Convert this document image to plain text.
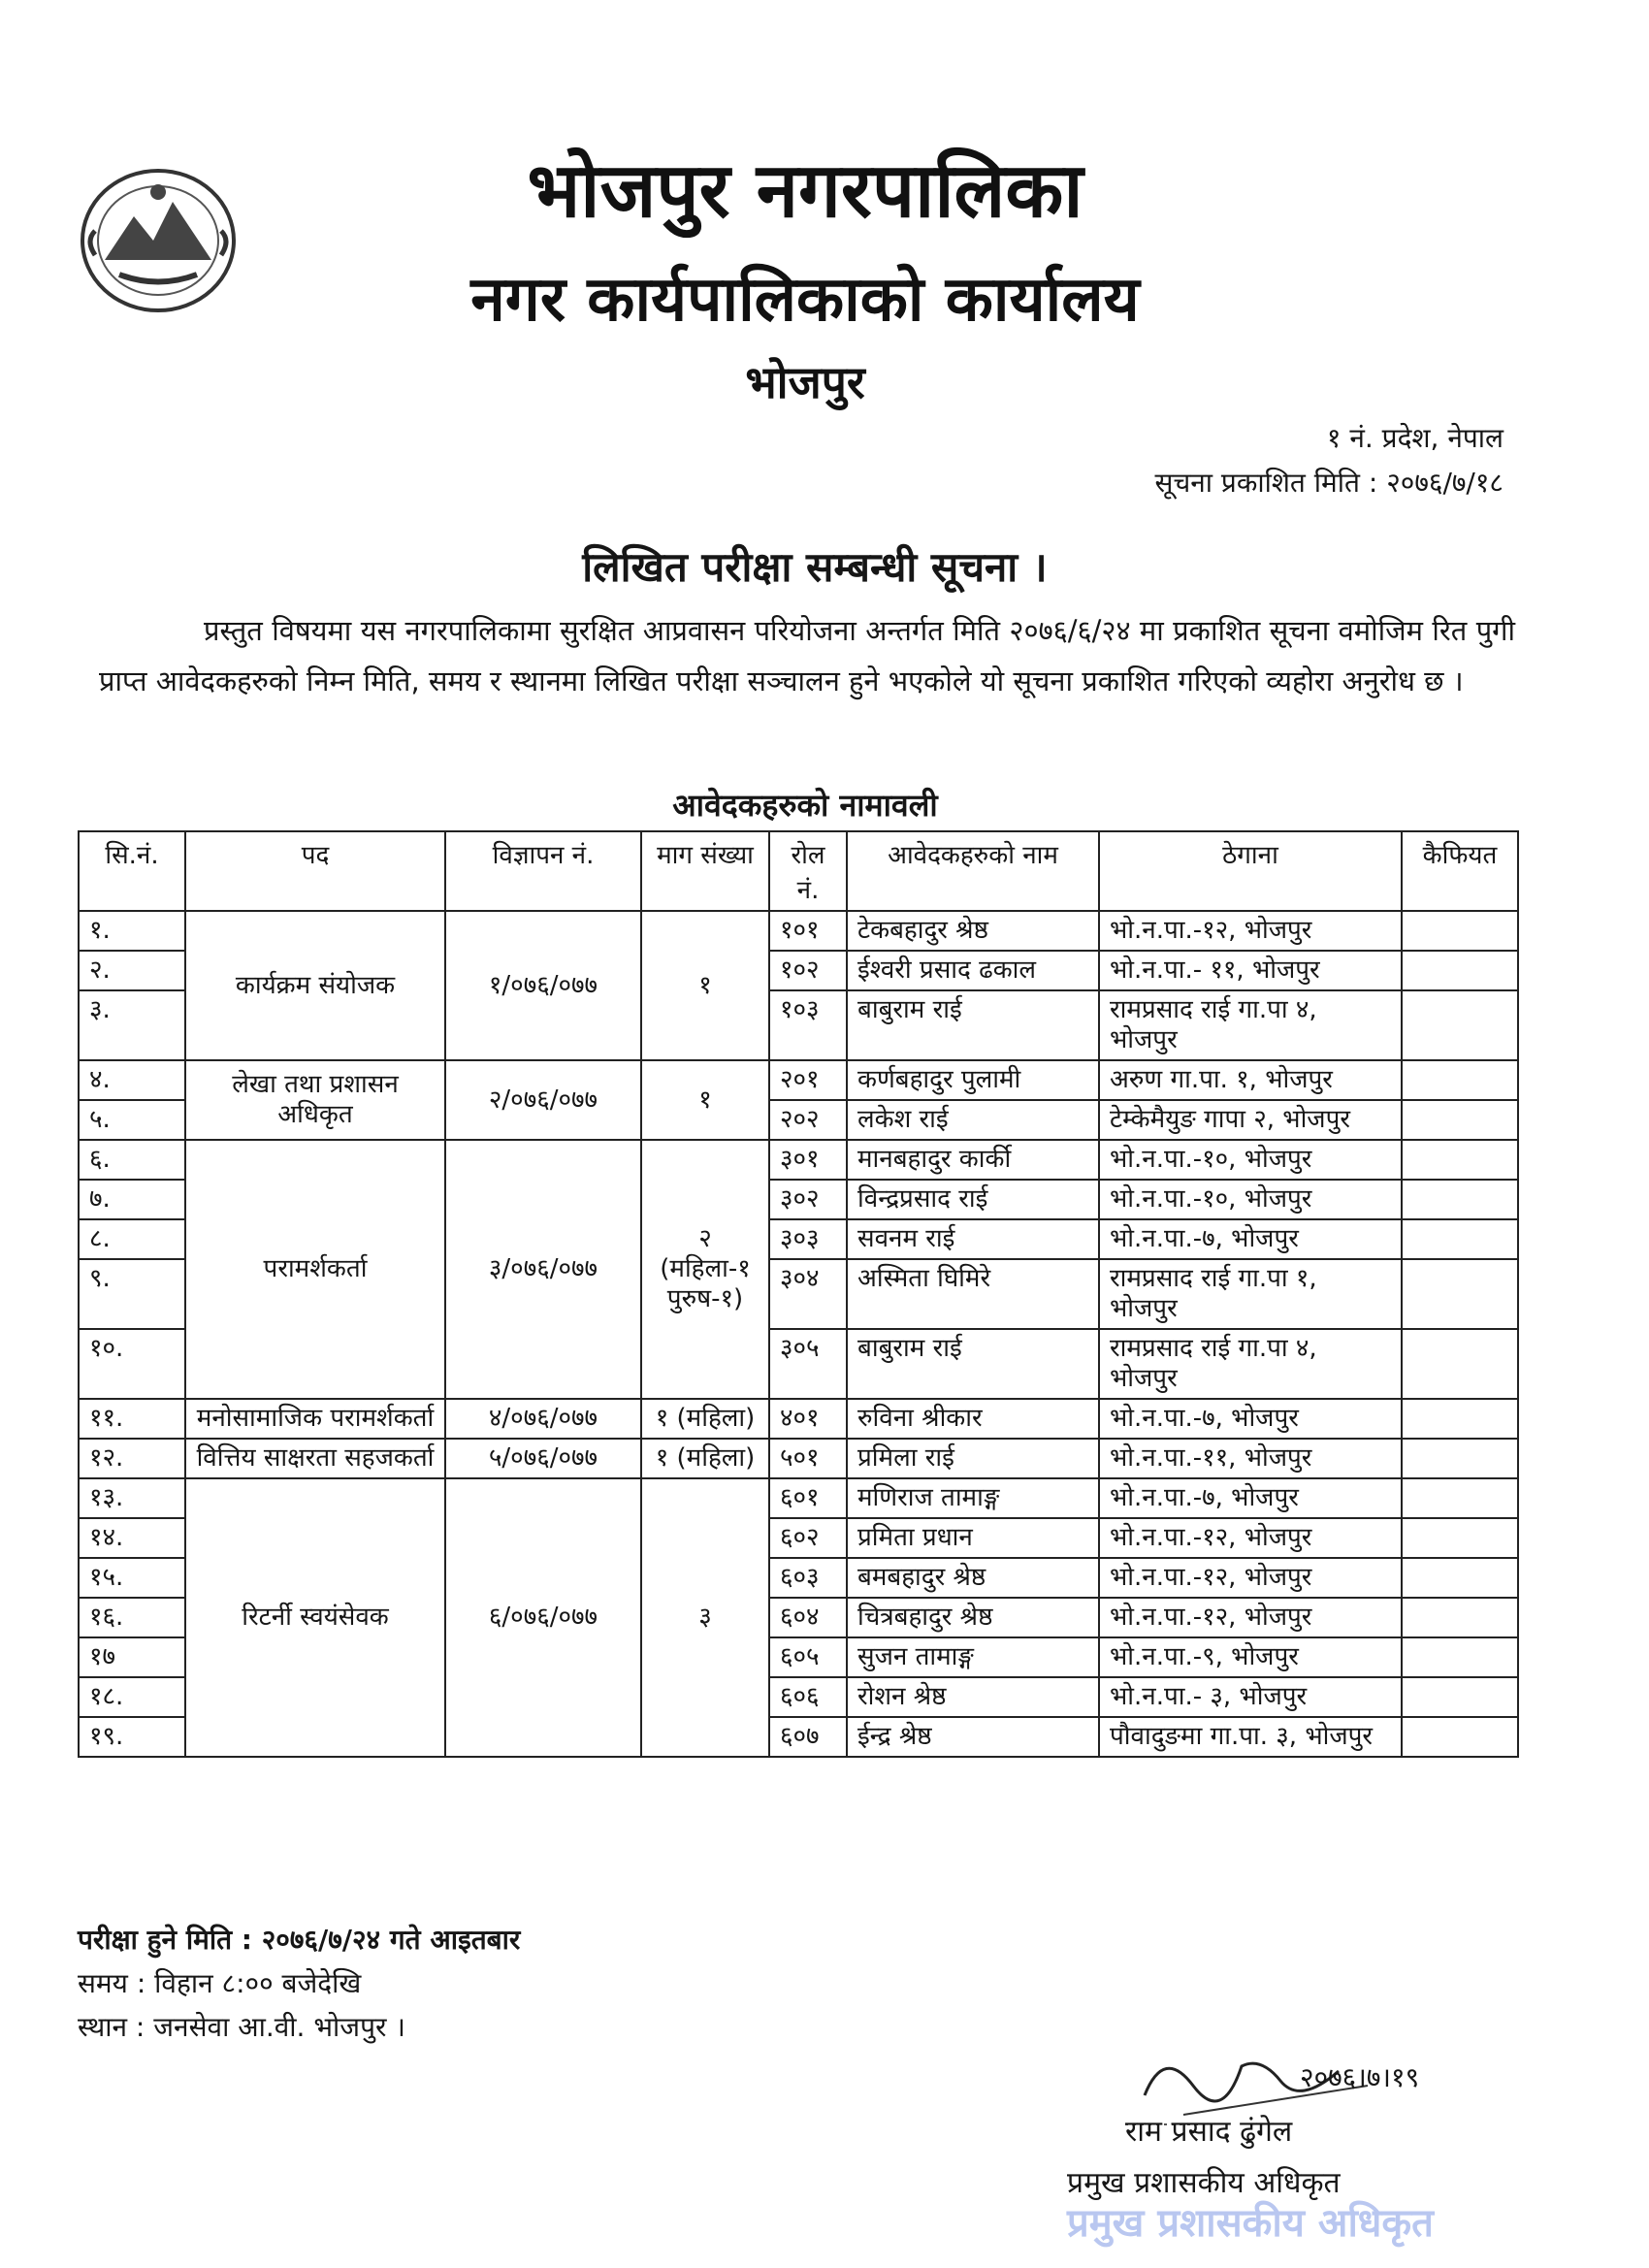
भोजपुर नगरपालिका
नगर कार्यपालिकाको कार्यालय
भोजपुर
१ नं. प्रदेश, नेपाल
सूचना प्रकाशित मिति : २०७६/७/१८
लिखित परीक्षा सम्बन्धी सूचना ।
प्रस्तुत विषयमा यस नगरपालिकामा सुरक्षित आप्रवासन परियोजना अन्तर्गत मिति २०७६/६/२४ मा प्रकाशित सूचना वमोजिम रित पुगी प्राप्त आवेदकहरुको निम्न मिति, समय र स्थानमा लिखित परीक्षा सञ्चालन हुने भएकोले यो सूचना प्रकाशित गरिएको व्यहोरा अनुरोध छ ।
आवेदकहरुको नामावली
सि.नं.	पद	विज्ञापन नं.	माग संख्या	रोल नं.	आवेदकहरुको नाम	ठेगाना	कैफियत
१.	कार्यक्रम संयोजक	१/०७६/०७७	१	१०१	टेकबहादुर श्रेष्ठ	भो.न.पा.-१२, भोजपुर	
२.				१०२	ईश्वरी प्रसाद ढकाल	भो.न.पा.- ११, भोजपुर	
३.				१०३	बाबुराम राई	रामप्रसाद राई गा.पा ४, भोजपुर	
४.	लेखा तथा प्रशासन अधिकृत	२/०७६/०७७	१	२०१	कर्णबहादुर पुलामी	अरुण गा.पा. १, भोजपुर	
५.				२०२	लकेश राई	टेम्केमैयुङ गापा २, भोजपुर	
६.	परामर्शकर्ता	३/०७६/०७७	२ (महिला-१ पुरुष-१)	३०१	मानबहादुर कार्की	भो.न.पा.-१०, भोजपुर	
७.				३०२	विन्द्रप्रसाद राई	भो.न.पा.-१०, भोजपुर	
८.				३०३	सवनम राई	भो.न.पा.-७, भोजपुर	
९.				३०४	अस्मिता घिमिरे	रामप्रसाद राई गा.पा १, भोजपुर	
१०.				३०५	बाबुराम राई	रामप्रसाद राई गा.पा ४, भोजपुर	
११.	मनोसामाजिक परामर्शकर्ता	४/०७६/०७७	१ (महिला)	४०१	रुविना श्रीकार	भो.न.पा.-७, भोजपुर	
१२.	वित्तिय साक्षरता सहजकर्ता	५/०७६/०७७	१ (महिला)	५०१	प्रमिला राई	भो.न.पा.-११, भोजपुर	
१३.	रिटर्नी स्वयंसेवक	६/०७६/०७७	३	६०१	मणिराज तामाङ्ग	भो.न.पा.-७, भोजपुर	
१४.				६०२	प्रमिता प्रधान	भो.न.पा.-१२, भोजपुर	
१५.				६०३	बमबहादुर श्रेष्ठ	भो.न.पा.-१२, भोजपुर	
१६.				६०४	चित्रबहादुर श्रेष्ठ	भो.न.पा.-१२, भोजपुर	
१७				६०५	सुजन तामाङ्ग	भो.न.पा.-९, भोजपुर	
१८.				६०६	रोशन श्रेष्ठ	भो.न.पा.- ३, भोजपुर	
१९.				६०७	ईन्द्र श्रेष्ठ	पौवादुङमा गा.पा. ३, भोजपुर	
परीक्षा हुने मिति : २०७६/७/२४ गते आइतबार
समय : विहान ८:०० बजेदेखि
स्थान : जनसेवा आ.वी. भोजपुर ।
२०७६।७।१९
राम प्रसाद ढुंगेल
प्रमुख प्रशासकीय अधिकृत
प्रमुख प्रशासकीय अधिकृत
